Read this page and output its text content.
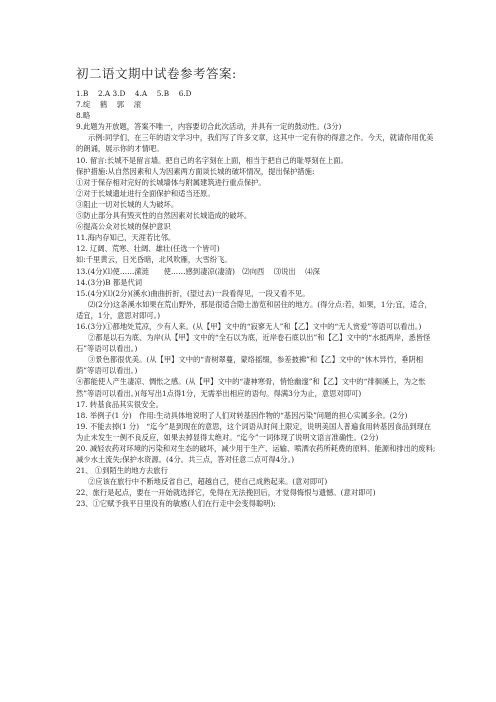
初二语文期中试卷参考答案:

1.B　 2.A 3.D 　4.A　 5.B　 6.D

7.绽　 鹤　 郭　 滚

8.略

9.此题为开放题，答案不唯一，内容要切合此次活动，并具有一定的鼓动性。(3分)

示例:同学们，在三年的语文学习中，我们写了许多文章，这其中一定有你的得意之作。今天，就请你用优美的朗诵，展示你的才情吧。

10. 留言:长城不是留言墙。把自己的名字刻在上面，相当于把自己的耻辱刻在上面。

保护措施:从自然因素和人为因素两方面谈长城的破坏情况，提出保护措施:

①对于保存相对完好的长城墙体与附属建筑进行重点保护。

②对于长城遗址进行全面保护和适当还原。

③阻止一切对长城的人为破坏。

⑤防止部分具有毁灭性的自然因素对长城造成的破坏。

⑥提高公众对长城的保护意识

11.海内存知己，天涯若比邻。

12. 辽阔、荒寒、壮阔、雄壮(任选一个皆可)

如:千里黄云，日光昏暗，北风吹雁，大雪纷飞。

13.(4分)⑴使……潆涟　　使……感到凄凉(凄清)　⑵向西　 ⑶说出　 ⑷深

14.(3分)B 都是代词

15.(4分)⑴(2分)(溪水)曲曲折折，(望过去)一段看得见，一段又看不见。

⑵(2分)这条溪水如果在荒山野外，那是很适合隐士游览和居住的地方。(得分点:若，如果，1分;宜，适合，适宜，1分，意思对即可。)

16.(3分)①都地处荒凉，少有人来。(从【甲】文中的“寂寥无人”和【乙】文中的“无人赏爱”等语可以看出。)

②都是以石为底、为岸(从【甲】文中的“全石以为底，近岸卷石底以出”和【乙】文中的“水抵两岸，悉皆怪石”等语可以看出。)

③景色都很优美。(从【甲】文中的“青树翠蔓，蒙络摇缀，参差披拂”和【乙】文中的“休木异竹，垂阴相荫”等语可以看出。)

④都能使人产生凄凉、惆怅之感。(从【甲】文中的“凄神寒骨，悄怆幽邃”和【乙】文中的“徘徊溪上，为之怅然”等语可以看出。)(每写出1点得1分，无需举出相应的语句。得满3分为止，意思对即可)

17. 转基食品其实很安全。

18. 举例子(1 分)　作用:生动具体地说明了人们对转基因作物的“基因污染”问题的担心实属多余。(2分)

19. 不能去掉(1 分)　“迄今”是到现在的意思，这个词语从时间上限定，说明美国人普遍食用转基因食品到现在为止未发生一例不良反应，如果去掉显得太绝对。“迄今”一词体现了说明文语言准确性。(2分)

20. 减轻农药对环境的污染和对生态的破坏，减少用于生产、运输、喷洒农药所耗费的原料、能源和排出的废料;减少水土流失;保护水资源。(4分。共三点，答对任意二点可得4分。)

21、 ①到陌生的地方去旅行

②应该在旅行中不断地反省自己，超越自己，使自己成熟起来。(意对即可)

22、旅行是起点，要在一开始就选择它，免得在无法挽回后，才觉得悔恨与遗憾。(意对即可)

23、①它赋予我平日里没有的敏感(人们在行走中会变得聪明);
